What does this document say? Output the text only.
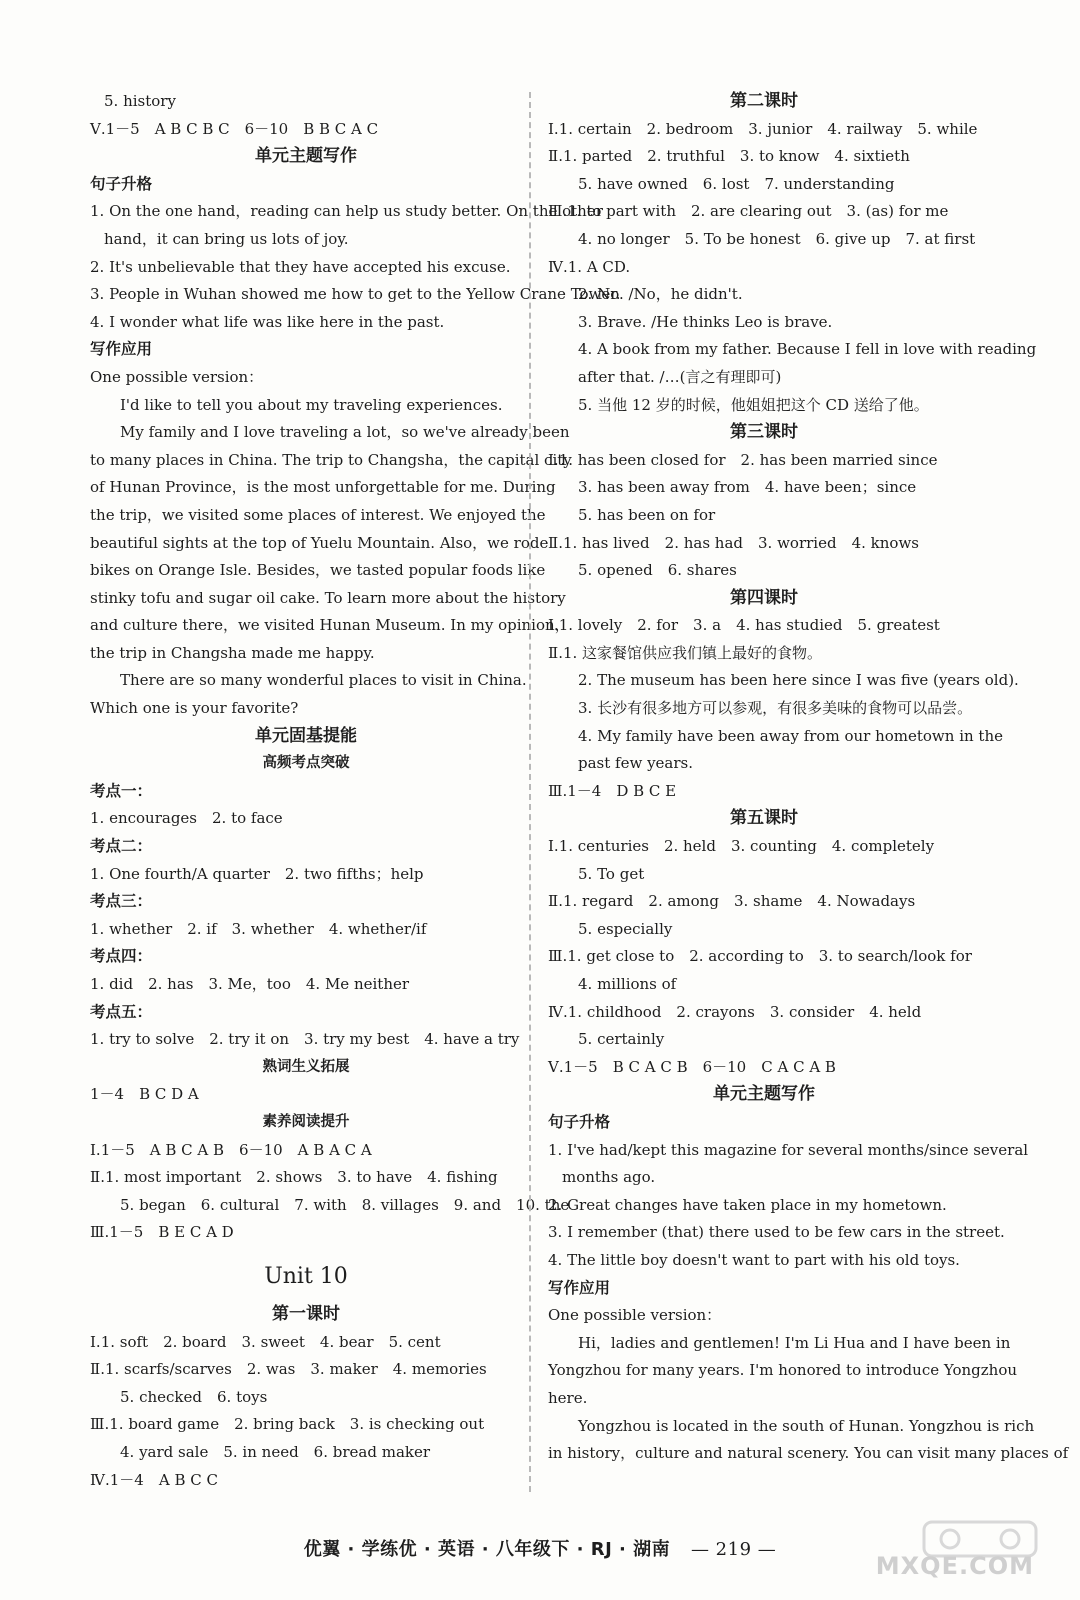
5. history
Ⅴ.1－5　A B C B C　6－10　B B C A C
单元主题写作
句子升格
1. On the one hand，reading can help us study better. On the other
hand，it can bring us lots of joy.
2. It's unbelievable that they have accepted his excuse.
3. People in Wuhan showed me how to get to the Yellow Crane Tower.
4. I wonder what life was like here in the past.
写作应用
One possible version：
I'd like to tell you about my traveling experiences.
My family and I love traveling a lot，so we've already been
to many places in China. The trip to Changsha，the capital city
of Hunan Province，is the most unforgettable for me. During
the trip，we visited some places of interest. We enjoyed the
beautiful sights at the top of Yuelu Mountain. Also，we rode
bikes on Orange Isle. Besides，we tasted popular foods like
stinky tofu and sugar oil cake. To learn more about the history
and culture there，we visited Hunan Museum. In my opinion，
the trip in Changsha made me happy.
There are so many wonderful places to visit in China.
Which one is your favorite?
单元固基提能
高频考点突破
考点一：
1. encourages　2. to face
考点二：
1. One fourth/A quarter　2. two fifths；help
考点三：
1. whether　2. if　3. whether　4. whether/if
考点四：
1. did　2. has　3. Me，too　4. Me neither
考点五：
1. try to solve　2. try it on　3. try my best　4. have a try
熟词生义拓展
1－4　B C D A
素养阅读提升
Ⅰ.1－5　A B C A B　6－10　A B A C A
Ⅱ.1. most important　2. shows　3. to have　4. fishing
5. began　6. cultural　7. with　8. villages　9. and　10. the
Ⅲ.1－5　B E C A D
Unit 10
第一课时
Ⅰ.1. soft　2. board　3. sweet　4. bear　5. cent
Ⅱ.1. scarfs/scarves　2. was　3. maker　4. memories
5. checked　6. toys
Ⅲ.1. board game　2. bring back　3. is checking out
4. yard sale　5. in need　6. bread maker
Ⅳ.1－4　A B C C
第二课时
Ⅰ.1. certain　2. bedroom　3. junior　4. railway　5. while
Ⅱ.1. parted　2. truthful　3. to know　4. sixtieth
5. have owned　6. lost　7. understanding
Ⅲ.1. to part with　2. are clearing out　3. (as) for me
4. no longer　5. To be honest　6. give up　7. at first
Ⅳ.1. A CD.
2. No. /No，he didn't.
3. Brave. /He thinks Leo is brave.
4. A book from my father. Because I fell in love with reading
after that. /…(言之有理即可)
5. 当他 12 岁的时候，他姐姐把这个 CD 送给了他。
第三课时
Ⅰ.1. has been closed for　2. has been married since
3. has been away from　4. have been；since
5. has been on for
Ⅱ.1. has lived　2. has had　3. worried　4. knows
5. opened　6. shares
第四课时
Ⅰ.1. lovely　2. for　3. a　4. has studied　5. greatest
Ⅱ.1. 这家餐馆供应我们镇上最好的食物。
2. The museum has been here since I was five (years old).
3. 长沙有很多地方可以参观，有很多美味的食物可以品尝。
4. My family have been away from our hometown in the
past few years.
Ⅲ.1－4　D B C E
第五课时
Ⅰ.1. centuries　2. held　3. counting　4. completely
5. To get
Ⅱ.1. regard　2. among　3. shame　4. Nowadays
5. especially
Ⅲ.1. get close to　2. according to　3. to search/look for
4. millions of
Ⅳ.1. childhood　2. crayons　3. consider　4. held
5. certainly
Ⅴ.1－5　B C A C B　6－10　C A C A B
单元主题写作
句子升格
1. I've had/kept this magazine for several months/since several
months ago.
2. Great changes have taken place in my hometown.
3. I remember (that) there used to be few cars in the street.
4. The little boy doesn't want to part with his old toys.
写作应用
One possible version：
Hi，ladies and gentlemen! I'm Li Hua and I have been in
Yongzhou for many years. I'm honored to introduce Yongzhou
here.
Yongzhou is located in the south of Hunan. Yongzhou is rich
in history，culture and natural scenery. You can visit many places of
优翼 · 学练优 · 英语 · 八年级下 · RJ · 湖南 — 219 —
MXQE.COM
